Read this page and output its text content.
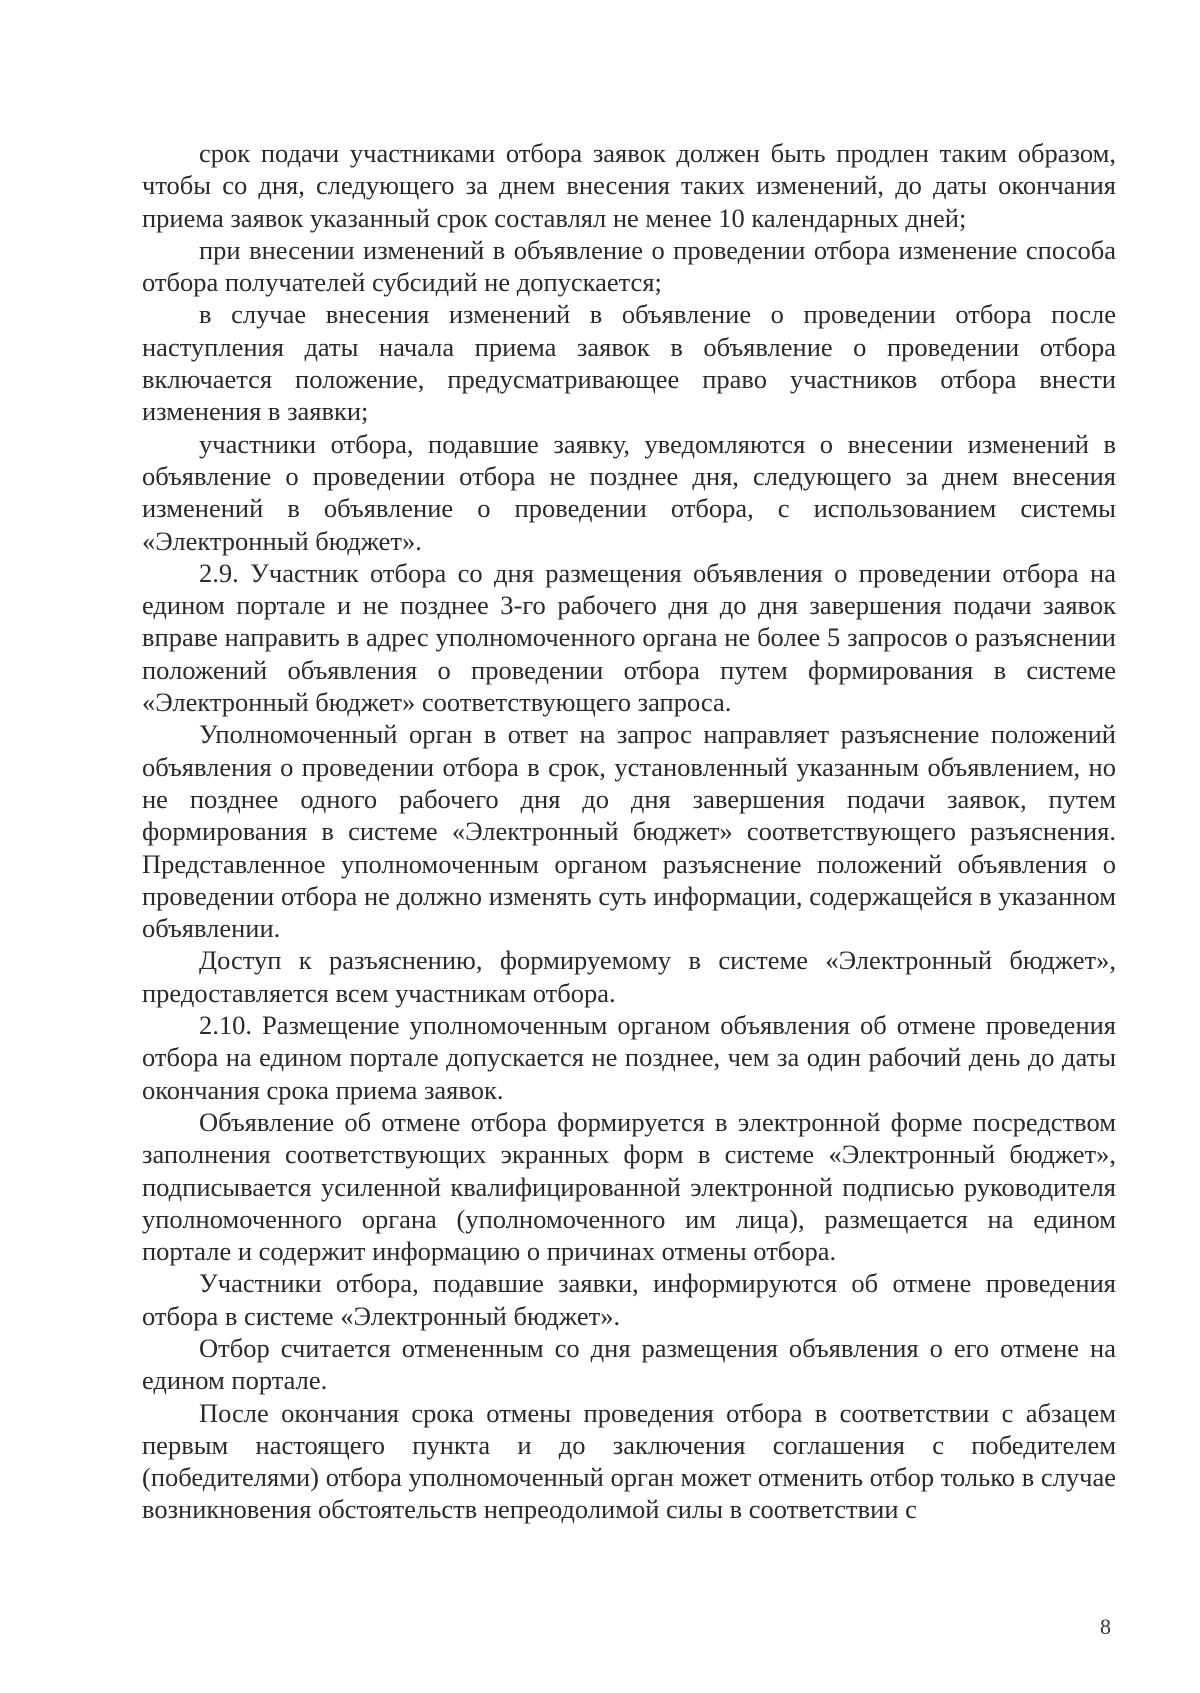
срок подачи участниками отбора заявок должен быть продлен таким образом, чтобы со дня, следующего за днем внесения таких изменений, до даты окончания приема заявок указанный срок составлял не менее 10 календарных дней;

при внесении изменений в объявление о проведении отбора изменение способа отбора получателей субсидий не допускается;

в случае внесения изменений в объявление о проведении отбора после наступления даты начала приема заявок в объявление о проведении отбора включается положение, предусматривающее право участников отбора внести изменения в заявки;

участники отбора, подавшие заявку, уведомляются о внесении изменений в объявление о проведении отбора не позднее дня, следующего за днем внесения изменений в объявление о проведении отбора, с использованием системы «Электронный бюджет».

2.9. Участник отбора со дня размещения объявления о проведении отбора на едином портале и не позднее 3-го рабочего дня до дня завершения подачи заявок вправе направить в адрес уполномоченного органа не более 5 запросов о разъяснении положений объявления о проведении отбора путем формирования в системе «Электронный бюджет» соответствующего запроса.

Уполномоченный орган в ответ на запрос направляет разъяснение положений объявления о проведении отбора в срок, установленный указанным объявлением, но не позднее одного рабочего дня до дня завершения подачи заявок, путем формирования в системе «Электронный бюджет» соответствующего разъяснения. Представленное уполномоченным органом разъяснение положений объявления о проведении отбора не должно изменять суть информации, содержащейся в указанном объявлении.

Доступ к разъяснению, формируемому в системе «Электронный бюджет», предоставляется всем участникам отбора.

2.10. Размещение уполномоченным органом объявления об отмене проведения отбора на едином портале допускается не позднее, чем за один рабочий день до даты окончания срока приема заявок.

Объявление об отмене отбора формируется в электронной форме посредством заполнения соответствующих экранных форм в системе «Электронный бюджет», подписывается усиленной квалифицированной электронной подписью руководителя уполномоченного органа (уполномоченного им лица), размещается на едином портале и содержит информацию о причинах отмены отбора.

Участники отбора, подавшие заявки, информируются об отмене проведения отбора в системе «Электронный бюджет».

Отбор считается отмененным со дня размещения объявления о его отмене на едином портале.

После окончания срока отмены проведения отбора в соответствии с абзацем первым настоящего пункта и до заключения соглашения с победителем (победителями) отбора уполномоченный орган может отменить отбор только в случае возникновения обстоятельств непреодолимой силы в соответствии с

8
